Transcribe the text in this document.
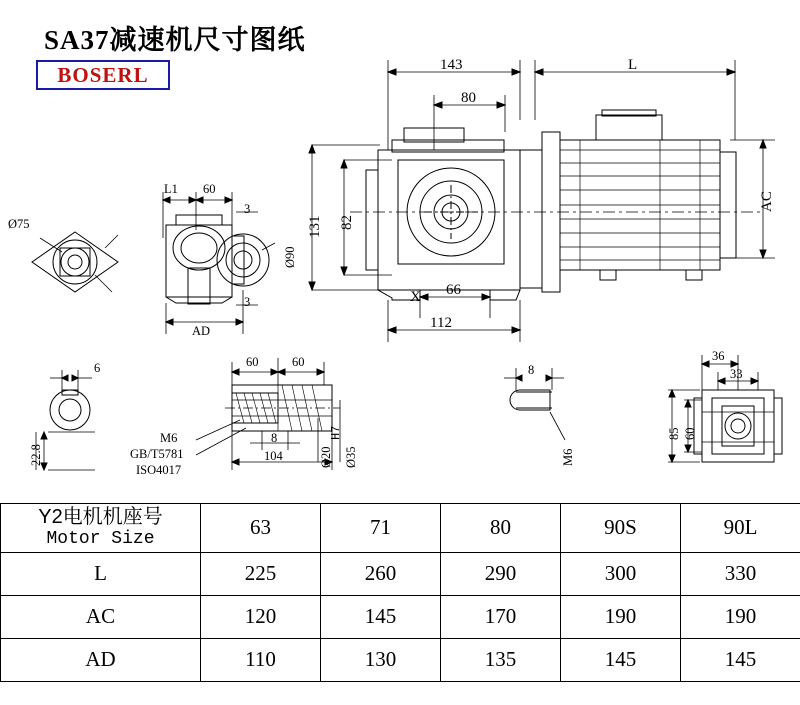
SA37减速机尺寸图纸
BOSERL	143	L
80
131 82
AC
X 66
112
L1 60
3
3
Ø90
Ø75
AD
6
22.8
60	60
8
104	Ø20
H7
Ø35
M6
GB/T5781
ISO4017
8
M6
36
33
85 60
Y2电机机座号
Motor Size	63	71	80	90S	90L
L	225	260	290	300	330
AC	120	145	170	190	190
AD	110	130	135	145	145
